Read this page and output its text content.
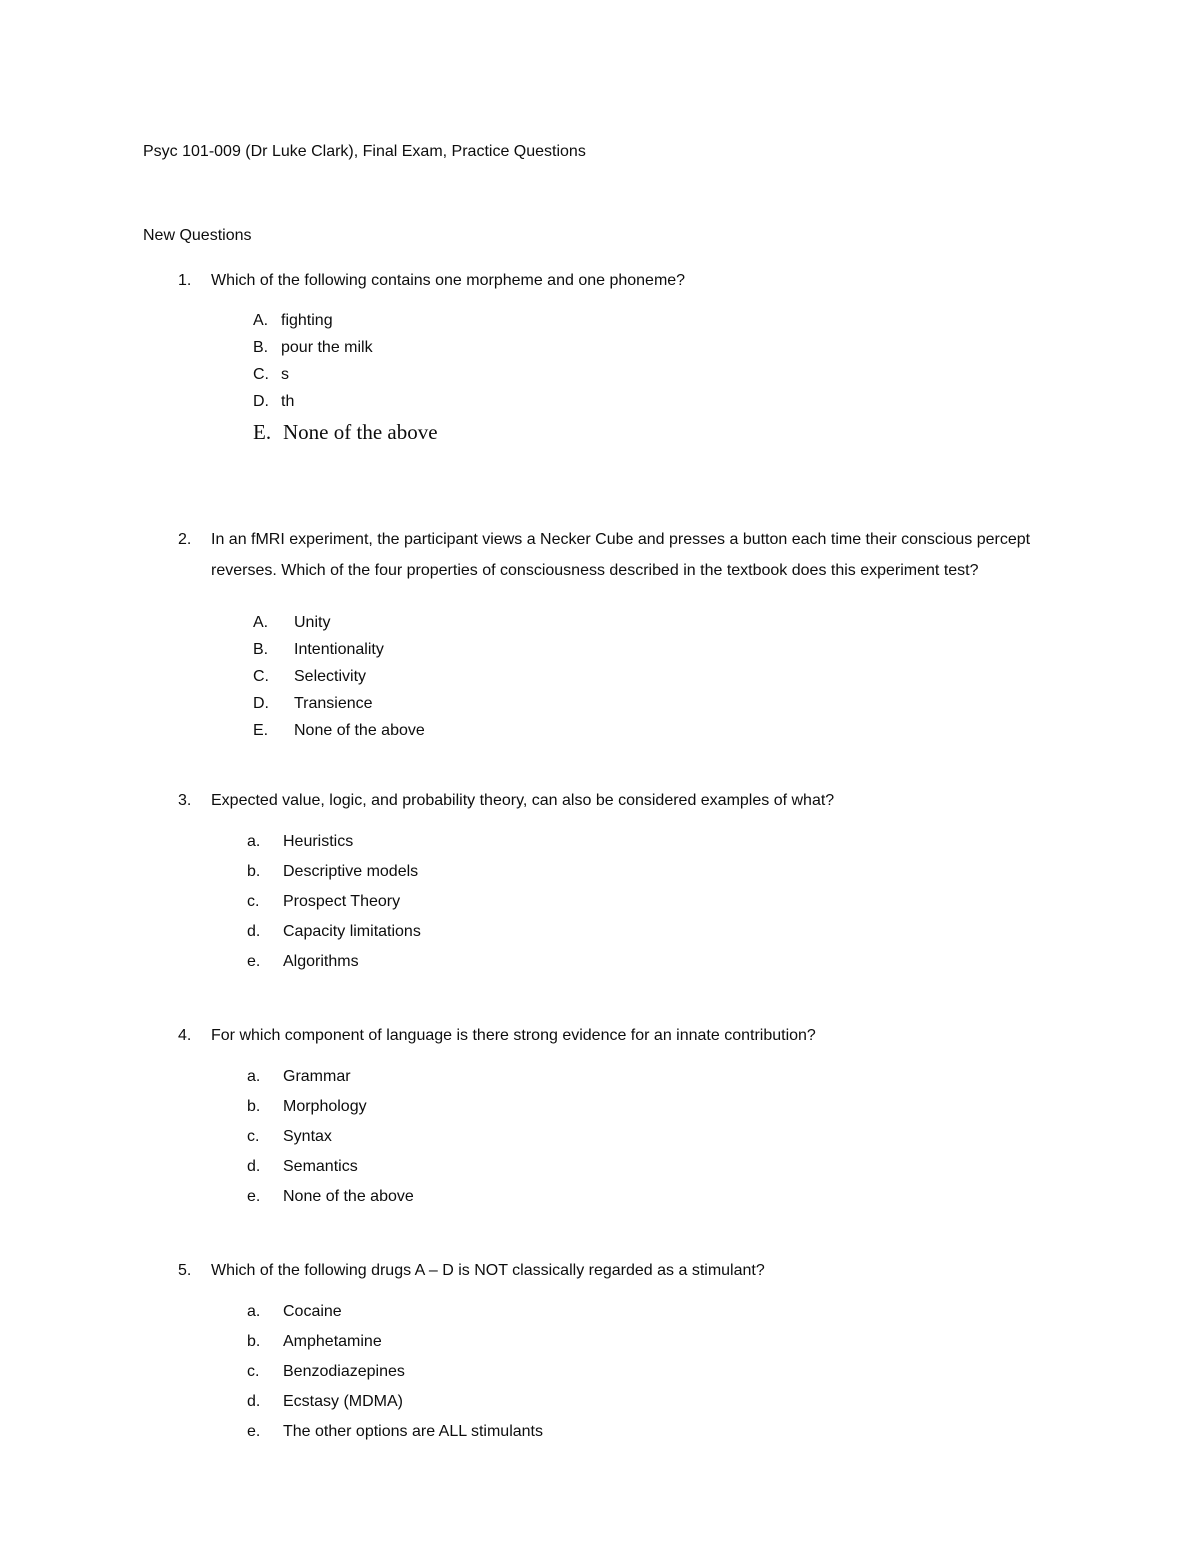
Psyc 101-009 (Dr Luke Clark), Final Exam, Practice Questions

New Questions

1.	Which of the following contains one morpheme and one phoneme?

A. fighting
B. pour the milk
C. s
D. th
E. None of the above
2.	In an fMRI experiment, the participant views a Necker Cube and presses a button each time their conscious percept reverses. Which of the four properties of consciousness described in the textbook does this experiment test?

A.	Unity
B.	Intentionality
C.	Selectivity
D.	Transience
E.	None of the above
3.	Expected value, logic, and probability theory, can also be considered examples of what?

a.	Heuristics
b.	Descriptive models
c.	Prospect Theory
d.	Capacity limitations
e.	Algorithms
4.	For which component of language is there strong evidence for an innate contribution?

a.	Grammar
b.	Morphology
c.	Syntax
d.	Semantics
e.	None of the above
5.	Which of the following drugs A – D is NOT classically regarded as a stimulant?

a.	Cocaine
b.	Amphetamine
c.	Benzodiazepines
d.	Ecstasy (MDMA)
e.	The other options are ALL stimulants
